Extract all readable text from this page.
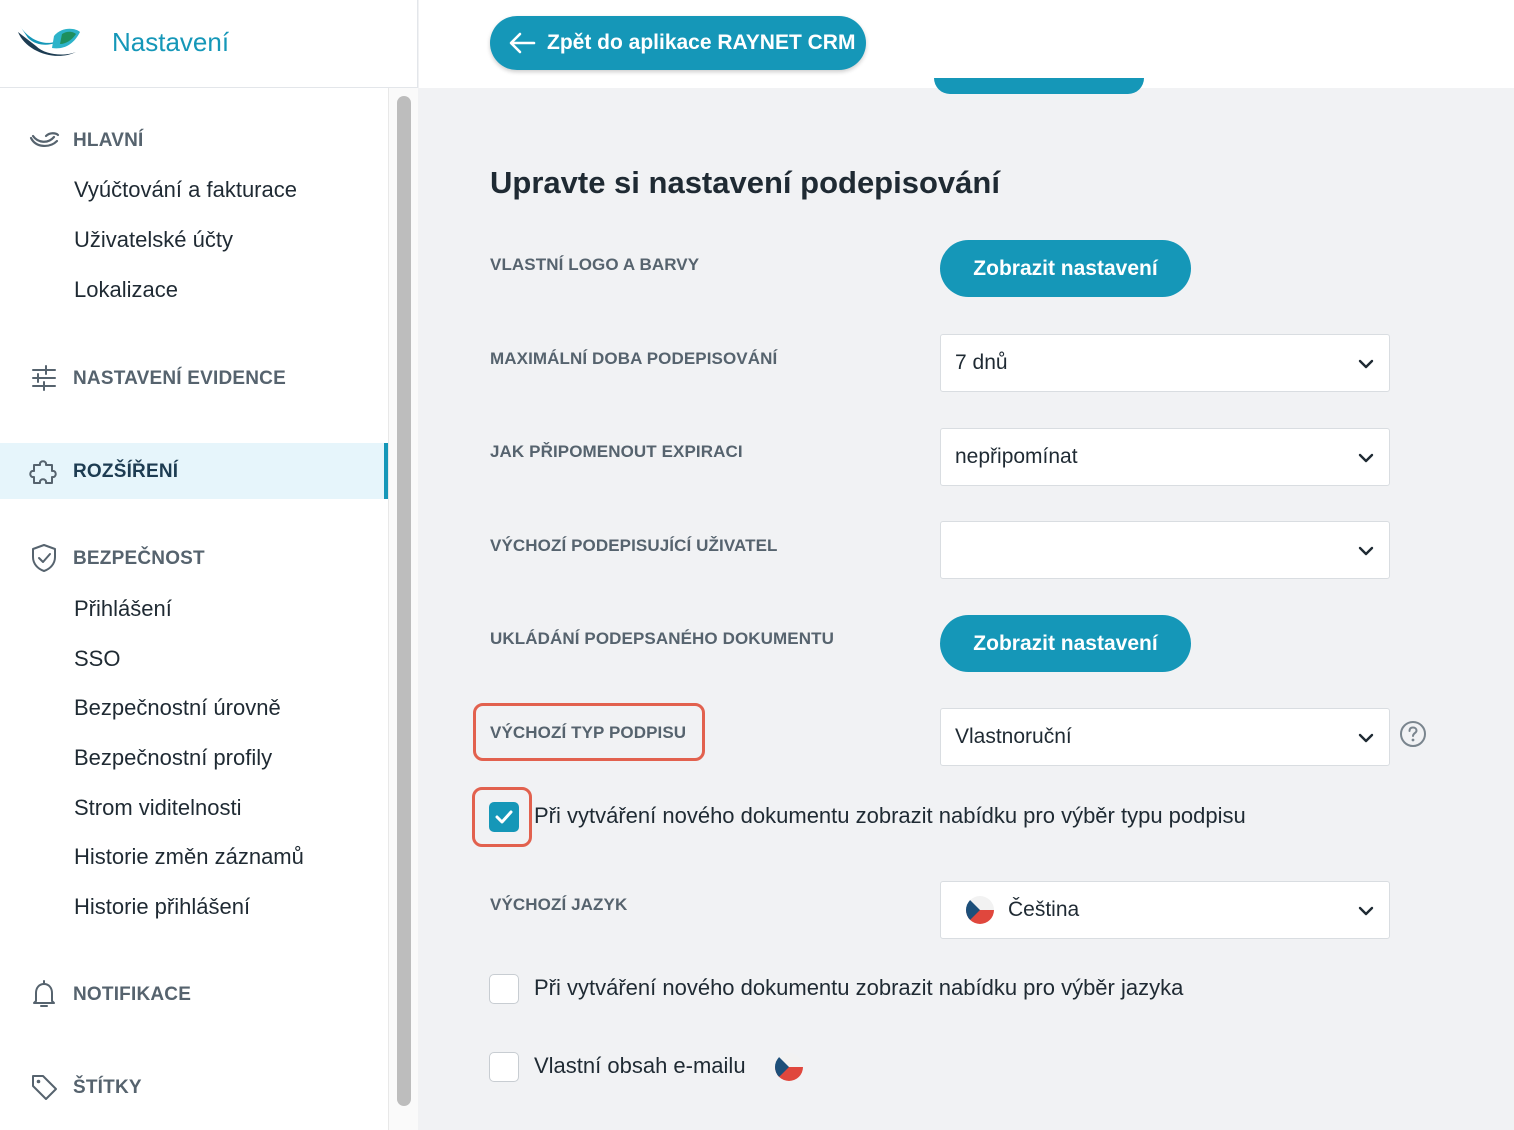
Nastavení
HLAVNÍ
Vyúčtování a fakturace
Uživatelské účty
Lokalizace
NASTAVENÍ EVIDENCE
ROZŠÍŘENÍ
BEZPEČNOST
Přihlášení
SSO
Bezpečnostní úrovně
Bezpečnostní profily
Strom viditelnosti
Historie změn záznamů
Historie přihlášení
NOTIFIKACE
ŠTÍTKY
Zpět do aplikace RAYNET CRM
Upravte si nastavení podepisování
VLASTNÍ LOGO A BARVY	Zobrazit nastavení
MAXIMÁLNÍ DOBA PODEPISOVÁNÍ	7 dnů
JAK PŘIPOMENOUT EXPIRACI	nepřipomínat
VÝCHOZÍ PODEPISUJÍCÍ UŽIVATEL
UKLÁDÁNÍ PODEPSANÉHO DOKUMENTU	Zobrazit nastavení
VÝCHOZÍ TYP PODPISU	Vlastnoruční
Při vytváření nového dokumentu zobrazit nabídku pro výběr typu podpisu
VÝCHOZÍ JAZYK	Čeština
Při vytváření nového dokumentu zobrazit nabídku pro výběr jazyka
Vlastní obsah e-mailu
